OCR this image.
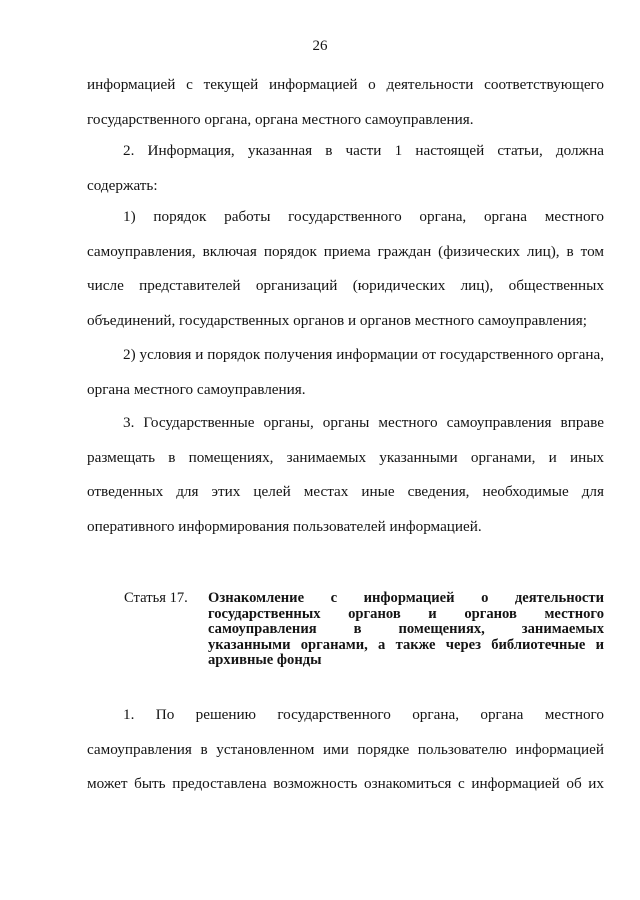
26
информацией с текущей информацией о деятельности соответствующего
государственного органа, органа местного самоуправления.
2. Информация, указанная в части 1 настоящей статьи, должна
содержать:
1) порядок работы государственного органа, органа местного
самоуправления, включая порядок приема граждан (физических лиц), в том
числе представителей организаций (юридических лиц), общественных
объединений, государственных органов и органов местного самоуправления;
2) условия и порядок получения информации от государственного органа,
органа местного самоуправления.
3. Государственные органы, органы местного самоуправления вправе
размещать в помещениях, занимаемых указанными органами, и иных
отведенных для этих целей местах иные сведения, необходимые для
оперативного информирования пользователей информацией.
Статья 17.	Ознакомление с информацией о деятельности
государственных органов и органов местного
самоуправления в помещениях, занимаемых
указанными органами, а также через библиотечные и
архивные фонды
1. По решению государственного органа, органа местного
самоуправления в установленном ими порядке пользователю информацией
может быть предоставлена возможность ознакомиться с информацией об их
